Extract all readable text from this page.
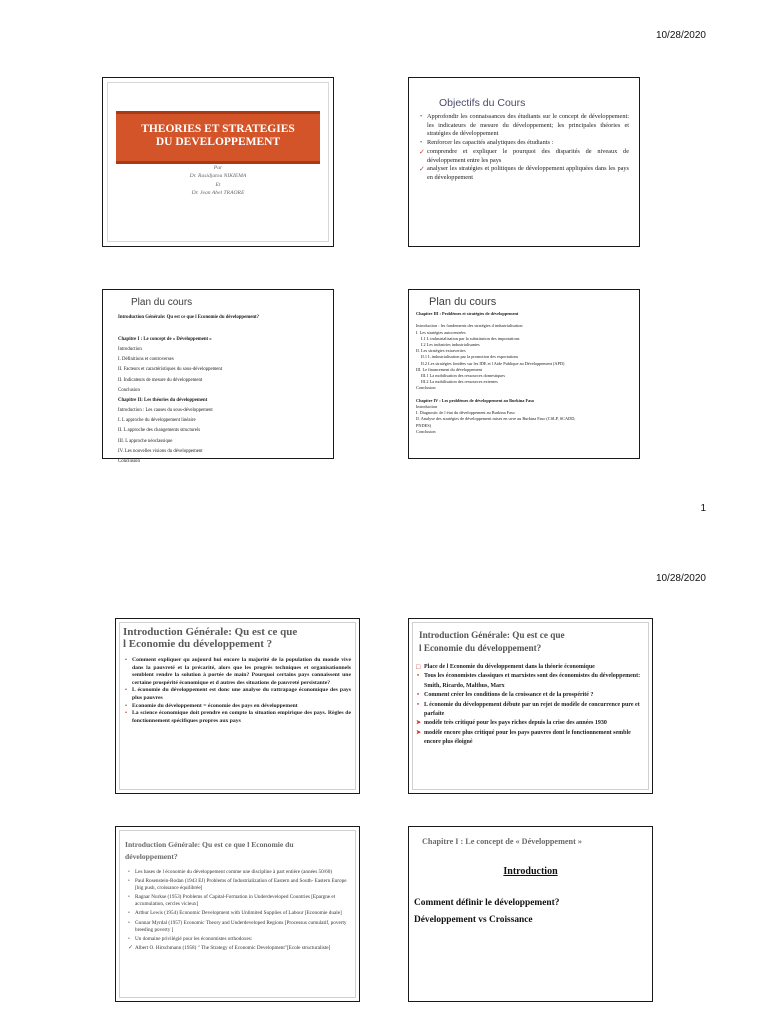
10/28/2020
THEORIES ET STRATEGIES
DU DEVELOPPEMENT
Par
Dr. Rasidjatou NIKIEMA
Et
Dr. Jean Abel TRAORE
Objectifs du Cours
• Approfondir les connaissances des étudiants sur le concept de développement: les indicateurs de mesure du développement; les principales théories et stratégies de développement
• Renforcer les capacités analytiques des étudiants :
✓ comprendre et expliquer le pourquoi des disparités de niveaux de développement entre les pays
✓ analyser les stratégies et politiques de développement appliquées dans les pays en développement
Plan du cours
Introduction Générale: Qu est ce que l Economie du développement?
Chapitre I : Le concept de « Développement »
Introduction
I. Définitions et controverses
II. Facteurs et caractéristiques du sous-développement
II. Indicateurs de mesure du développement
Conclusion
Chapitre II: Les théories du développement
Introduction : Les causes du sous-développement
I. L approche du développement linéaire
II. L approche des changements structurels
III. L approche néoclassique
IV. Les nouvelles visions du développement
Conclusion
Plan du cours
Chapitre III : Problèmes et stratégies de développement
Introduction : les fondements des stratégies d industrialisation
I. Les stratégies autocentrées
I.1 L industrialisation par la substitution des importations
I.2 Les industries industrialisantes
II. Les stratégies extraverties
II.1 L industrialisation par la promotion des exportations
II.2 Les stratégies fondées sur les IDE et l Aide Publique au Développement (APD)
III. Le financement du développement
III.1 La mobilisation des ressources domestiques
III.2 La mobilisation des ressources externes
Conclusion
Chapitre IV : Les problèmes de développement au Burkina Faso
Introduction
I. Diagnostic de l état du développement au Burkina Faso
II. Analyse des stratégies de développement mises en uvre au Burkina Faso (CSLP, SCADD,
PNDES)
Conclusion
1
10/28/2020
Introduction Générale: Qu est ce que
l Economie du développement ?
• Comment expliquer qu aujourd hui encore la majorité de la population du monde vive dans la pauvreté et la précarité, alors que les progrès techniques et organisationnels semblent rendre la solution à portée de main? Pourquoi certains pays connaissent une certaine prospérité économique et d autres des situations de pauvreté persistante?
• L économie du développement est donc une analyse du rattrapage économique des pays plus pauvres
• Economie du développement = économie des pays en développement
• La science économique doit prendre en compte la situation empirique des pays. Règles de fonctionnement spécifiques propres aux pays
Introduction Générale: Qu est ce que
l Economie du développement?
□ Place de l Economie du développement dans la théorie économique
• Tous les économistes classiques et marxistes sont des économistes du développement: Smith, Ricardo, Malthus, Marx
• Comment créer les conditions de la croissance et de la prospérité ?
• L économie du développement débute par un rejet de modèle de concurrence pure et parfaite
➤ modèle très critiqué pour les pays riches depuis la crise des années 1930
➤ modèle encore plus critiqué pour les pays pauvres dont le fonctionnement semble encore plus éloigné
Introduction Générale: Qu est ce que l Economie du
développement?
• Les bases de l économie du développement comme une discipline à part entière (années 50/60)
• Paul Rosenstein-Rodan (1943 EJ) Problems of Industrialization of Eastern and South- Eastern Europe [big push, croissance équilibrée]
• Ragnar Nurkse (1953) Problems of Capital-Formation in Underdeveloped Countries [Epargne et accumulation, cercles vicieux]
• Arthur Lewis (1954) Economic Development with Unlimited Supplies of Labour [Economie duale]
• Gunnar Myrdal (1957) Economic Theory and Underdeveloped Regions [Processus cumulatif, poverty breeding poverty ]
• Un domaine privilégié pour les économistes orthodoxes:
✓ Albert O. Hirschmann (1958) " The Strategy of Economic Development"[Ecole structuraliste]
Chapitre I : Le concept de « Développement »
Introduction
Comment définir le développement?
Développement vs Croissance
